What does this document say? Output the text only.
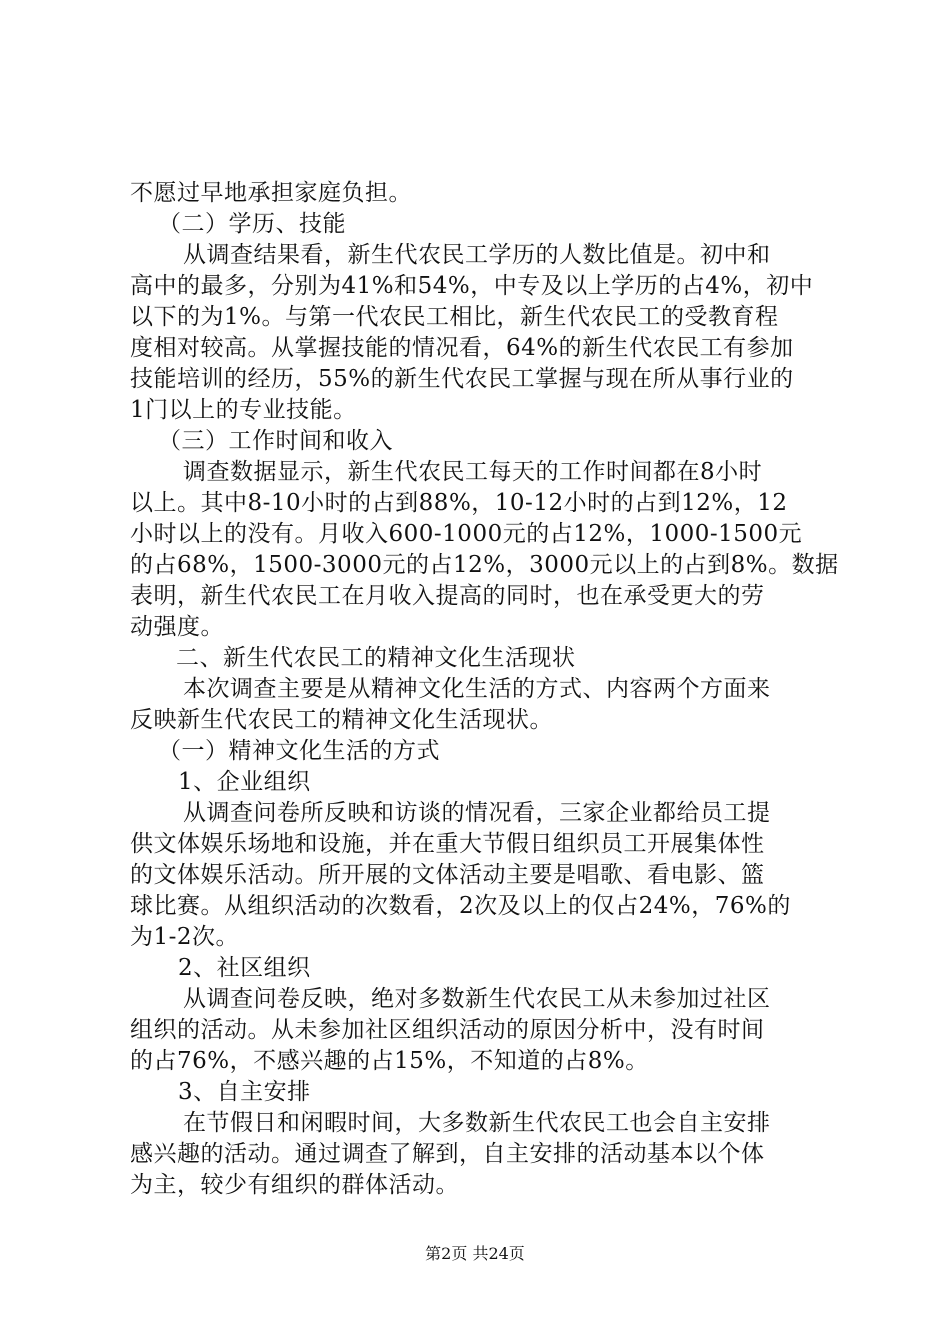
不愿过早地承担家庭负担。
（二）学历、技能
从调查结果看，新生代农民工学历的人数比值是。初中和
高中的最多，分别为41%和54%，中专及以上学历的占4%，初中
以下的为1%。与第一代农民工相比，新生代农民工的受教育程
度相对较高。从掌握技能的情况看，64%的新生代农民工有参加
技能培训的经历，55%的新生代农民工掌握与现在所从事行业的
1门以上的专业技能。
（三）工作时间和收入
调查数据显示，新生代农民工每天的工作时间都在8小时
以上。其中8-10小时的占到88%，10-12小时的占到12%，12
小时以上的没有。月收入600-1000元的占12%，1000-1500元
的占68%，1500-3000元的占12%，3000元以上的占到8%。数据
表明，新生代农民工在月收入提高的同时，也在承受更大的劳
动强度。
二、新生代农民工的精神文化生活现状
本次调查主要是从精神文化生活的方式、内容两个方面来
反映新生代农民工的精神文化生活现状。
（一）精神文化生活的方式
1、企业组织
从调查问卷所反映和访谈的情况看，三家企业都给员工提
供文体娱乐场地和设施，并在重大节假日组织员工开展集体性
的文体娱乐活动。所开展的文体活动主要是唱歌、看电影、篮
球比赛。从组织活动的次数看，2次及以上的仅占24%，76%的
为1-2次。
2、社区组织
从调查问卷反映，绝对多数新生代农民工从未参加过社区
组织的活动。从未参加社区组织活动的原因分析中，没有时间
的占76%，不感兴趣的占15%，不知道的占8%。
3、自主安排
在节假日和闲暇时间，大多数新生代农民工也会自主安排
感兴趣的活动。通过调查了解到，自主安排的活动基本以个体
为主，较少有组织的群体活动。
第2页 共24页
